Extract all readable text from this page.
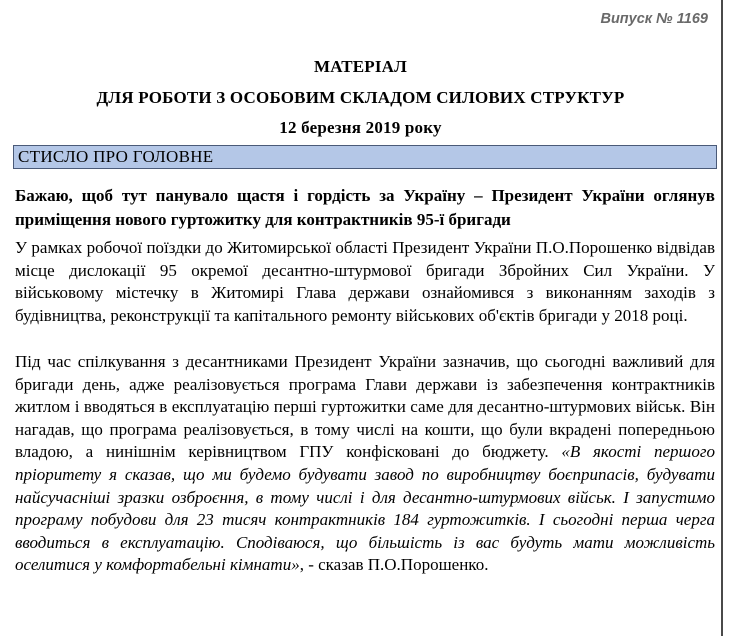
Випуск № 1169
МАТЕРІАЛ
ДЛЯ РОБОТИ З ОСОБОВИМ СКЛАДОМ СИЛОВИХ СТРУКТУР
12 березня 2019 року
СТИСЛО ПРО ГОЛОВНЕ
Бажаю, щоб тут панувало щастя і гордість за Україну – Президент України оглянув приміщення нового гуртожитку для контрактників 95-ї бригади

У рамках робочої поїздки до Житомирської області Президент України П.О.Порошенко відвідав місце дислокації 95 окремої десантно-штурмової бригади Збройних Сил України. У військовому містечку в Житомирі Глава держави ознайомився з виконанням заходів з будівництва, реконструкції та капітального ремонту військових об'єктів бригади у 2018 році.

Під час спілкування з десантниками Президент України зазначив, що сьогодні важливий для бригади день, адже реалізовується програма Глави держави із забезпечення контрактників житлом і вводяться в експлуатацію перші гуртожитки саме для десантно-штурмових військ. Він нагадав, що програма реалізовується, в тому числі на кошти, що були вкрадені попередньою владою, а нинішнім керівництвом ГПУ конфісковані до бюджету. «В якості першого пріоритету я сказав, що ми будемо будувати завод по виробництву боєприпасів, будувати найсучасніші зразки озброєння, в тому числі і для десантно-штурмових військ. І запустимо програму побудови для 23 тисяч контрактників 184 гуртожитків. І сьогодні перша черга вводиться в експлуатацію. Сподіваюся, що більшість із вас будуть мати можливість оселитися у комфортабельні кімнати», - сказав П.О.Порошенко.
